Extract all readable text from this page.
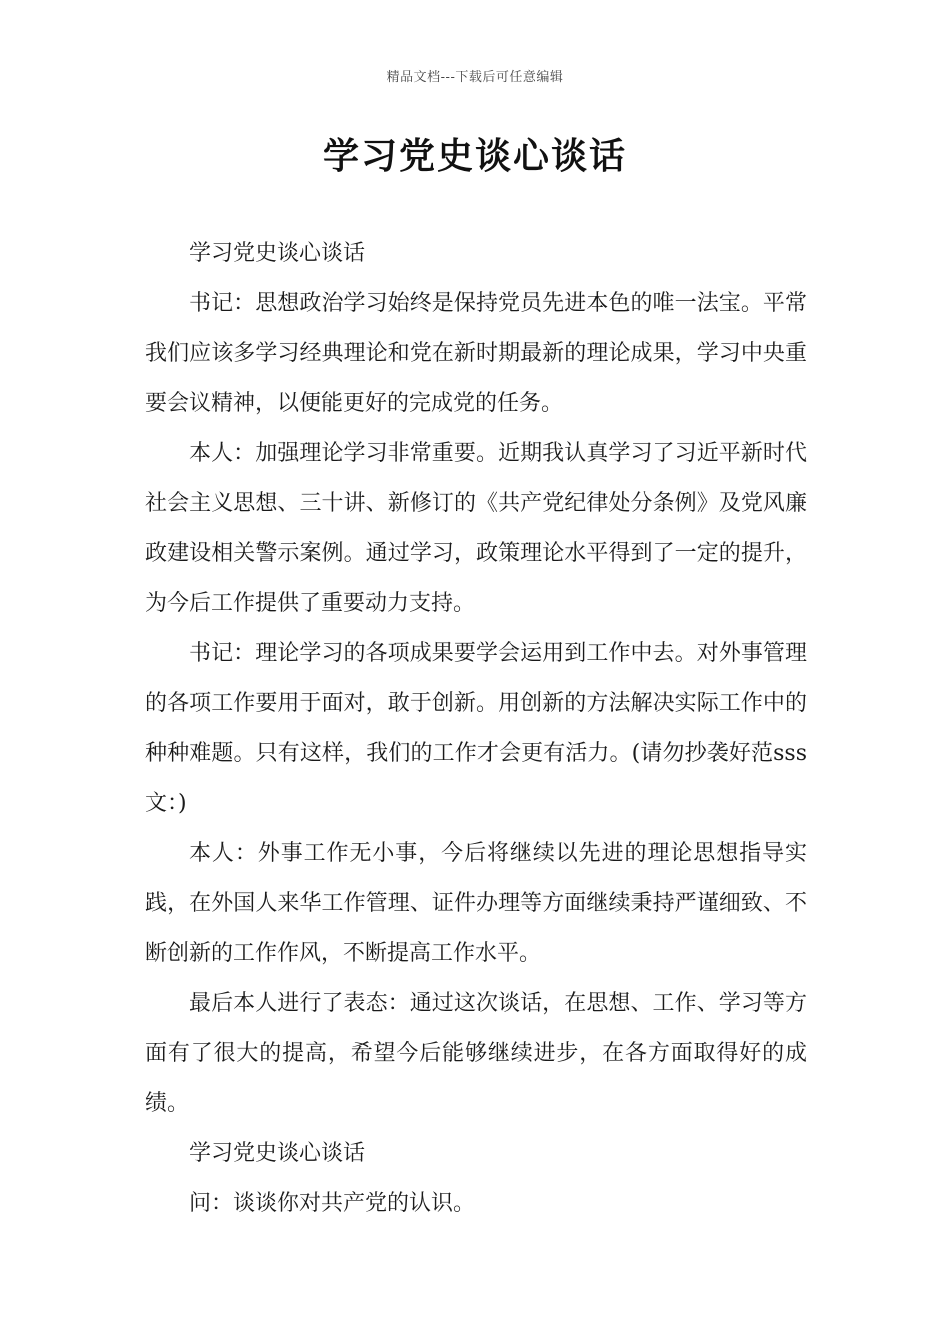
精品文档---下载后可任意编辑
学习党史谈心谈话

学习党史谈心谈话

书记：思想政治学习始终是保持党员先进本色的唯一法宝。平常我们应该多学习经典理论和党在新时期最新的理论成果，学习中央重要会议精神，以便能更好的完成党的任务。

本人：加强理论学习非常重要。近期我认真学习了习近平新时代社会主义思想、三十讲、新修订的《共产党纪律处分条例》及党风廉政建设相关警示案例。通过学习，政策理论水平得到了一定的提升，为今后工作提供了重要动力支持。

书记：理论学习的各项成果要学会运用到工作中去。对外事管理的各项工作要用于面对，敢于创新。用创新的方法解决实际工作中的种种难题。只有这样，我们的工作才会更有活力。(请勿抄袭好范sss文：)

本人：外事工作无小事，今后将继续以先进的理论思想指导实践，在外国人来华工作管理、证件办理等方面继续秉持严谨细致、不断创新的工作作风，不断提高工作水平。

最后本人进行了表态：通过这次谈话，在思想、工作、学习等方面有了很大的提高，希望今后能够继续进步，在各方面取得好的成绩。

学习党史谈心谈话

问：谈谈你对共产党的认识。
